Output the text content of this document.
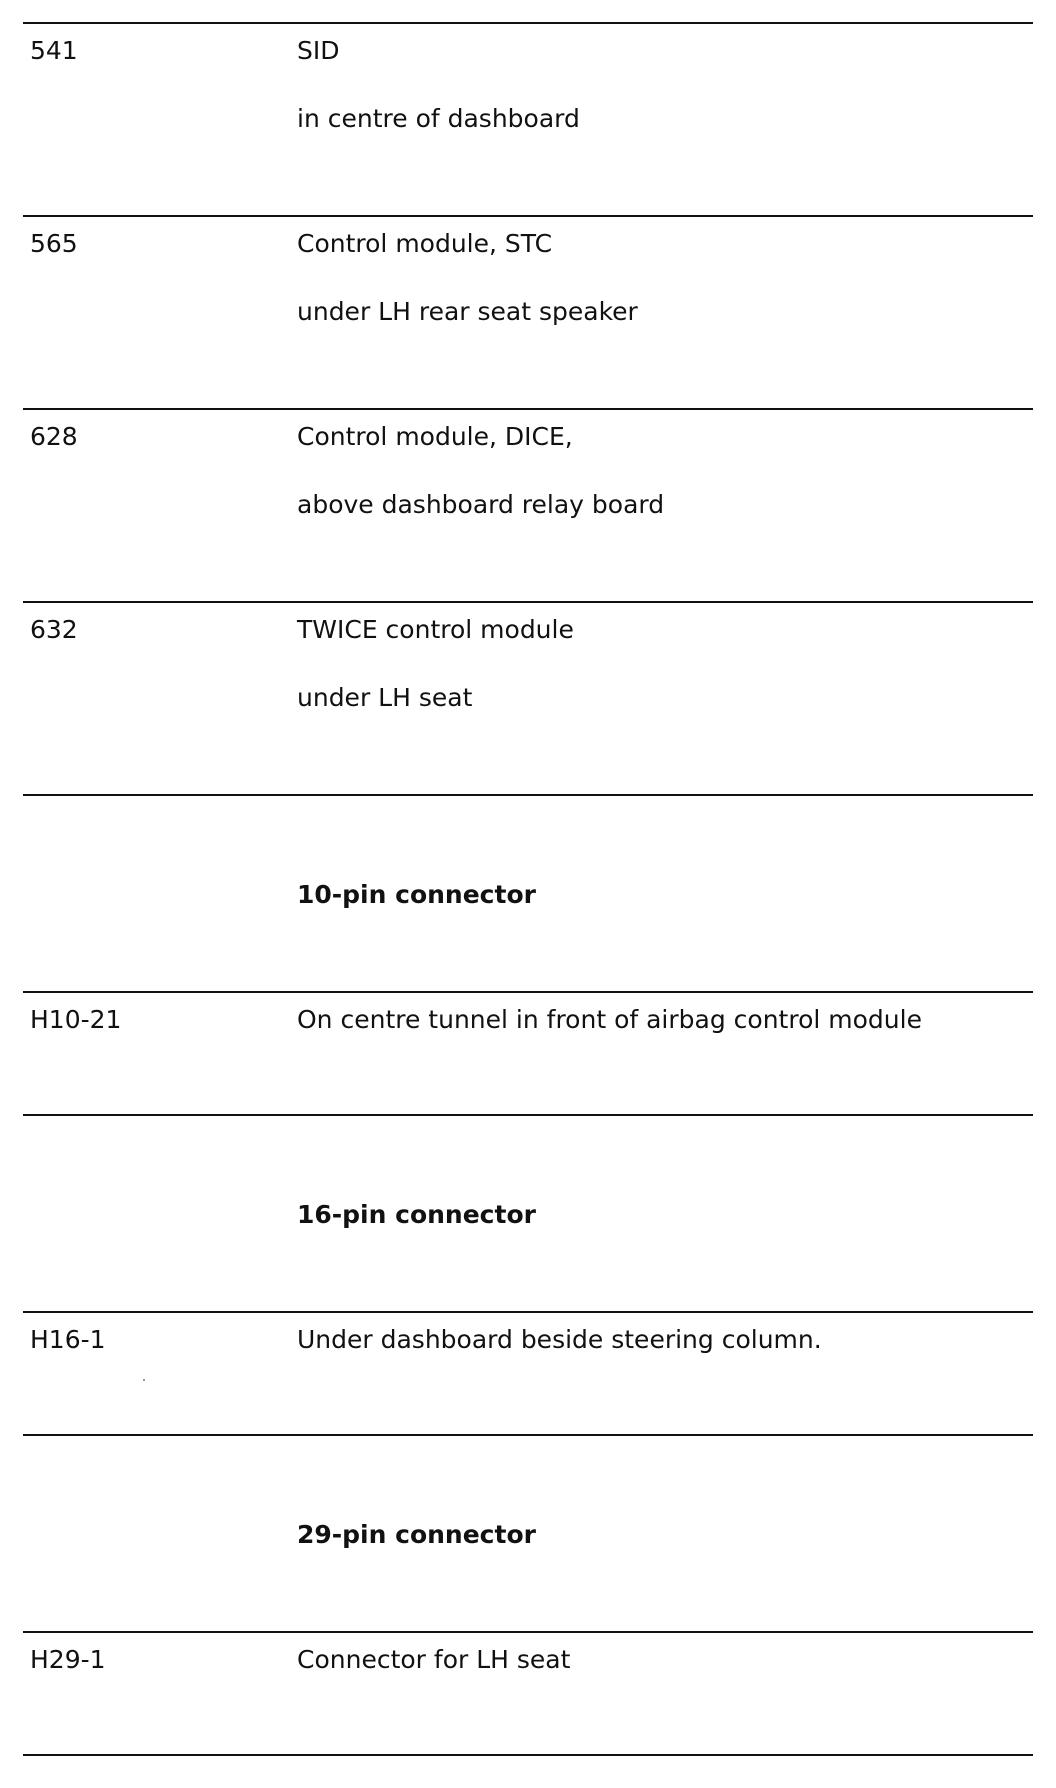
541	SID
in centre of dashboard
565	Control module, STC
under LH rear seat speaker
628	Control module, DICE,
above dashboard relay board
632	TWICE control module
under LH seat
10-pin connector
H10-21	On centre tunnel in front of airbag control module
16-pin connector
H16-1	Under dashboard beside steering column.
29-pin connector
H29-1	Connector for LH seat
